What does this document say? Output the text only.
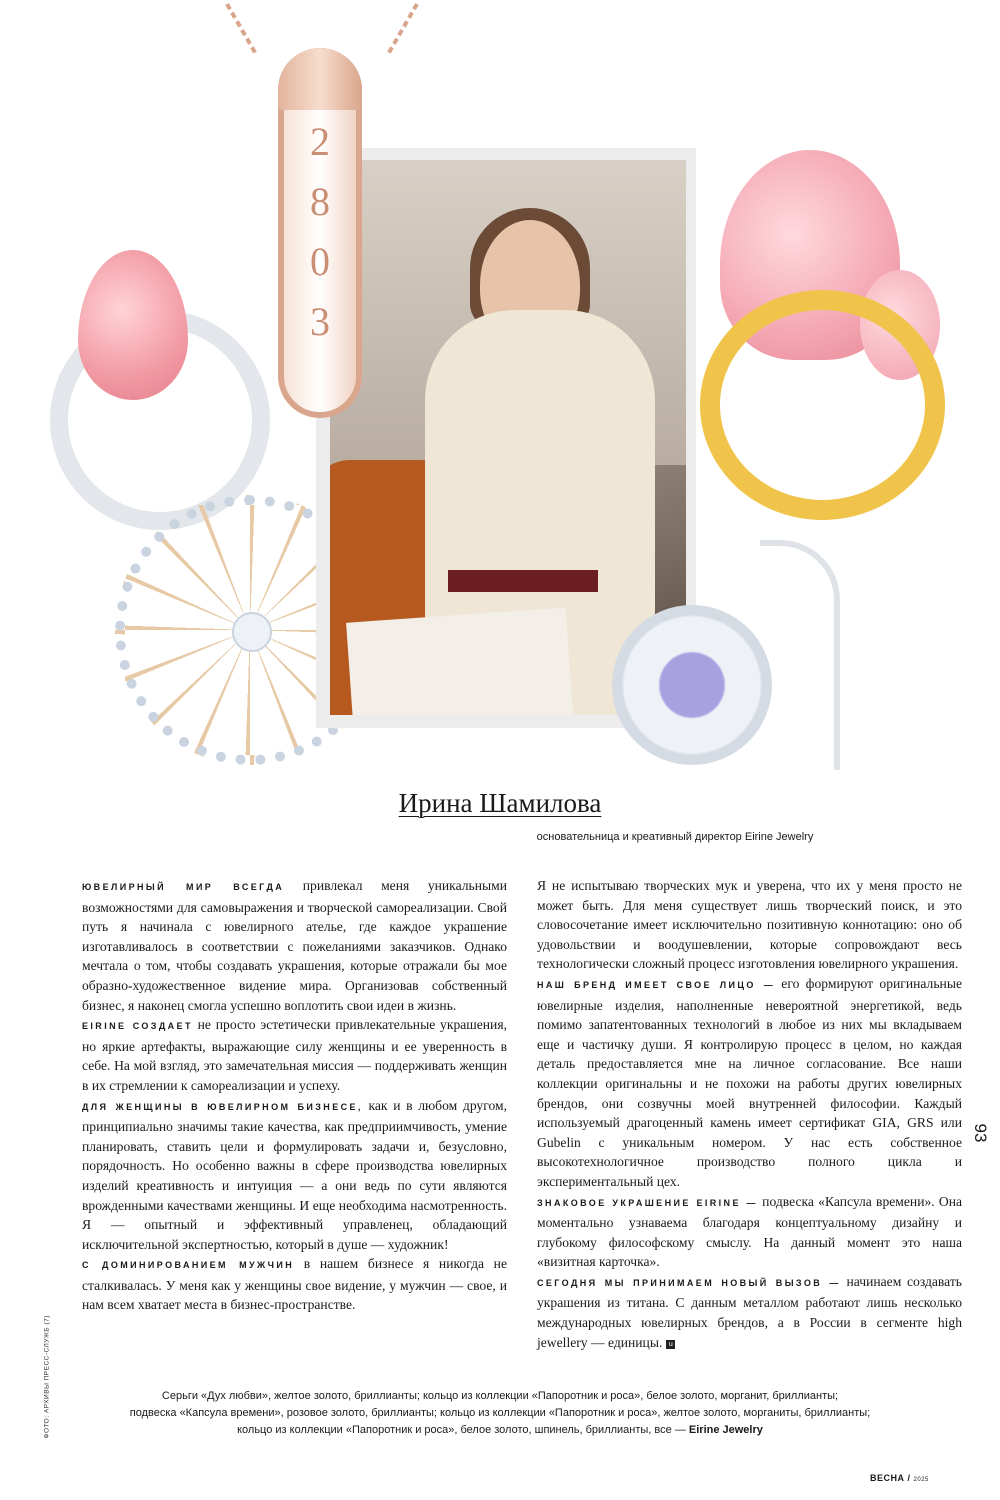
2
8
0
3
Ирина Шамилова
основательница и креативный директор Eirine Jewelry

ЮВЕЛИРНЫЙ МИР ВСЕГДА привлекал меня уникальными возможностями для самовыражения и творческой самореализации. Свой путь я начинала с ювелирного ателье, где каждое украшение изготавливалось в соответствии с пожеланиями заказчиков. Однако мечтала о том, чтобы создавать украшения, которые отражали бы мое образно-художественное видение мира. Организовав собственный бизнес, я наконец смогла успешно воплотить свои идеи в жизнь.

EIRINE СОЗДАЕТ не просто эстетически привлекательные украшения, но яркие артефакты, выражающие силу женщины и ее уверенность в себе. На мой взгляд, это замечательная миссия — поддерживать женщин в их стремлении к самореализации и успеху.

ДЛЯ ЖЕНЩИНЫ В ЮВЕЛИРНОМ БИЗНЕСЕ, как и в любом другом, принципиально значимы такие качества, как предприимчивость, умение планировать, ставить цели и формулировать задачи и, безусловно, порядочность. Но особенно важны в сфере производства ювелирных изделий креативность и интуиция — а они ведь по сути являются врожденными качествами женщины. И еще необходима насмотренность. Я — опытный и эффективный управленец, обладающий исключительной экспертностью, который в душе — художник!

С ДОМИНИРОВАНИЕМ МУЖЧИН в нашем бизнесе я никогда не сталкивалась. У меня как у женщины свое видение, у мужчин — свое, и нам всем хватает места в бизнес-пространстве.

Я не испытываю творческих мук и уверена, что их у меня просто не может быть. Для меня существует лишь творческий поиск, и это словосочетание имеет исключительно позитивную коннотацию: оно об удовольствии и воодушевлении, которые сопровождают весь технологически сложный процесс изготовления ювелирного украшения.

НАШ БРЕНД ИМЕЕТ СВОЕ ЛИЦО — его формируют оригинальные ювелирные изделия, наполненные невероятной энергетикой, ведь помимо запатентованных технологий в любое из них мы вкладываем еще и частичку души. Я контролирую процесс в целом, но каждая деталь предоставляется мне на личное согласование. Все наши коллекции оригинальны и не похожи на работы других ювелирных брендов, они созвучны моей внутренней философии. Каждый используемый драгоценный камень имеет сертификат GIA, GRS или Gubelin с уникальным номером. У нас есть собственное высокотехнологичное производство полного цикла и экспериментальный цех.

ЗНАКОВОЕ УКРАШЕНИЕ EIRINE — подвеска «Капсула времени». Она моментально узнаваема благодаря концептуальному дизайну и глубокому философскому смыслу. На данный момент это наша «визитная карточка».

СЕГОДНЯ МЫ ПРИНИМАЕМ НОВЫЙ ВЫЗОВ — начинаем создавать украшения из титана. С данным металлом работают лишь несколько международных ювелирных брендов, а в России в сегменте high jewellery — единицы. u

93
ФОТО: АРХИВЫ ПРЕСС-СЛУЖБ (7)	Серьги «Дух любви», желтое золото, бриллианты; кольцо из коллекции «Папоротник и роса», белое золото, морганит, бриллианты;
подвеска «Капсула времени», розовое золото, бриллианты; кольцо из коллекции «Папоротник и роса», желтое золото, морганиты, бриллианты;
кольцо из коллекции «Папоротник и роса», белое золото, шпинель, бриллианты, все — Eirine Jewelry
ВЕСНА / 2025
